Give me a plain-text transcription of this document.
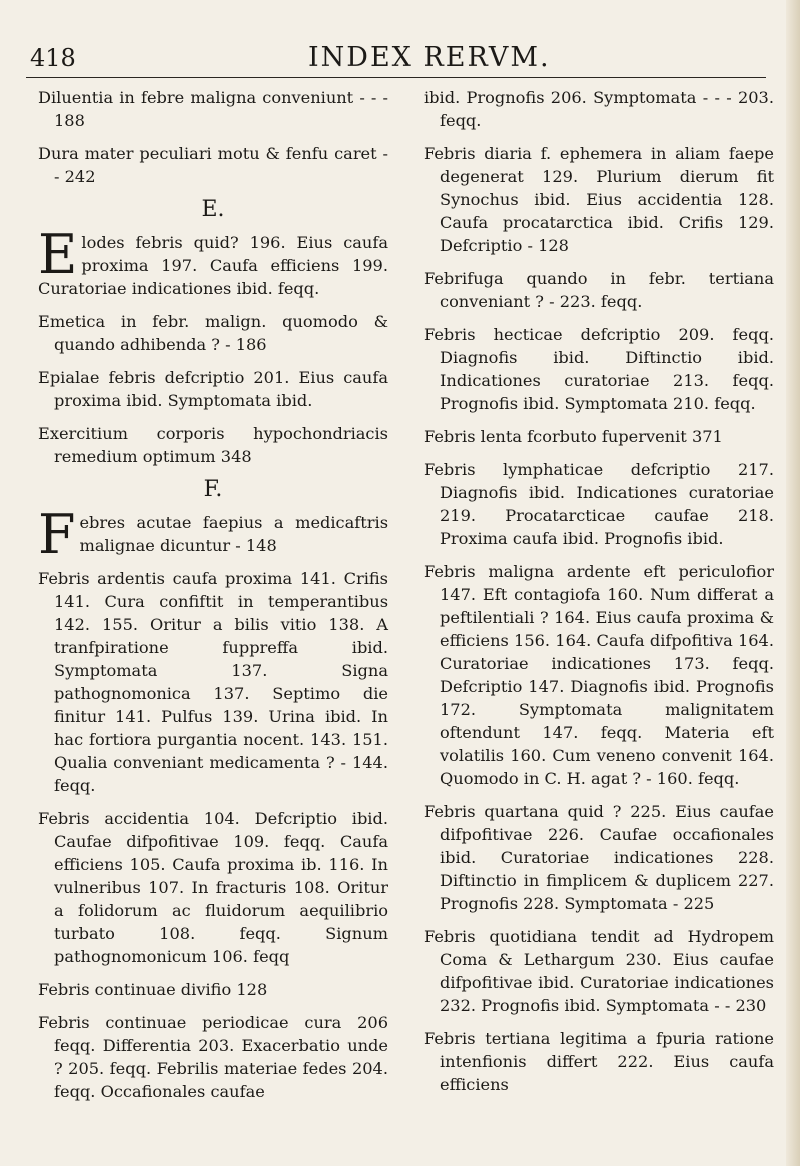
418	INDEX RERVM.
Diluentia in febre maligna conveniunt - - - 188
Dura mater peculiari motu & fenfu caret - - 242
E.
Elodes febris quid? 196. Eius caufa proxima 197. Caufa efficiens 199. Curatoriae indicationes ibid. feqq.
Emetica in febr. malign. quomodo & quando adhibenda ? - 186
Epialae febris defcriptio 201. Eius caufa proxima ibid. Symptomata ibid.
Exercitium corporis hypochondriacis remedium optimum 348
F.
Febres acutae faepius a medicaftris malignae dicuntur - 148
Febris ardentis caufa proxima 141. Crifis 141. Cura confiftit in temperantibus 142. 155. Oritur a bilis vitio 138. A tranfpiratione fuppreffa ibid. Symptomata 137. Signa pathognomonica 137. Septimo die finitur 141. Pulfus 139. Urina ibid. In hac fortiora purgantia nocent. 143. 151. Qualia conveniant medicamenta ? - 144. feqq.
Febris accidentia 104. Defcriptio ibid. Caufae difpofitivae 109. feqq. Caufa efficiens 105. Caufa proxima ib. 116. In vulneribus 107. In fracturis 108. Oritur a folidorum ac fluidorum aequilibrio turbato 108. feqq. Signum pathognomonicum 106. feqq
Febris continuae divifio 128
Febris continuae periodicae cura 206 feqq. Differentia 203. Exacerbatio unde ? 205. feqq. Febrilis materiae fedes 204. feqq. Occafionales caufae
ibid. Prognofis 206. Symptomata - - - 203. feqq.
Febris diaria f. ephemera in aliam faepe degenerat 129. Plurium dierum fit Synochus ibid. Eius accidentia 128. Caufa procatarctica ibid. Crifis 129. Defcriptio - 128
Febrifuga quando in febr. tertiana conveniant ? - 223. feqq.
Febris hecticae defcriptio 209. feqq. Diagnofis ibid. Diftinctio ibid. Indicationes curatoriae 213. feqq. Prognofis ibid. Symptomata 210. feqq.
Febris lenta fcorbuto fupervenit 371
Febris lymphaticae defcriptio 217. Diagnofis ibid. Indicationes curatoriae 219. Procatarcticae caufae 218. Proxima caufa ibid. Prognofis ibid.
Febris maligna ardente eft periculofior 147. Eft contagiofa 160. Num differat a peftilentiali ? 164. Eius caufa proxima & efficiens 156. 164. Caufa difpofitiva 164. Curatoriae indicationes 173. feqq. Defcriptio 147. Diagnofis ibid. Prognofis 172. Symptomata malignitatem oftendunt 147. feqq. Materia eft volatilis 160. Cum veneno convenit 164. Quomodo in C. H. agat ? - 160. feqq.
Febris quartana quid ? 225. Eius caufae difpofitivae 226. Caufae occafionales ibid. Curatoriae indicationes 228. Diftinctio in fimplicem & duplicem 227. Prognofis 228. Symptomata - 225
Febris quotidiana tendit ad Hydropem Coma & Lethargum 230. Eius caufae difpofitivae ibid. Curatoriae indicationes 232. Prognofis ibid. Symptomata - - 230
Febris tertiana legitima a fpuria ratione intenfionis differt 222. Eius caufa efficiens
